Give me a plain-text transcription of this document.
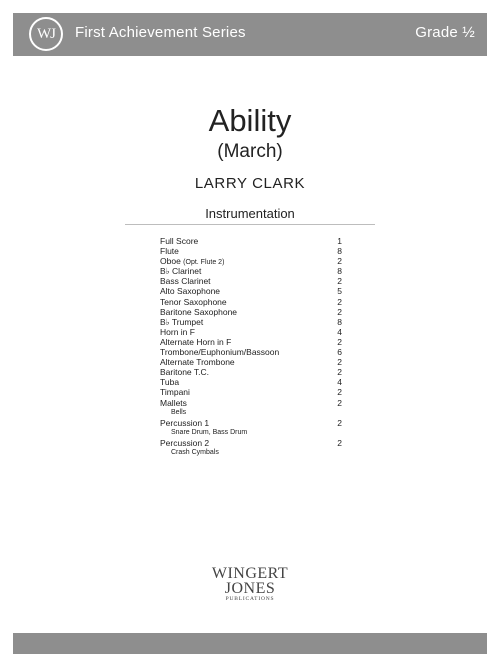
WJ	First Achievement Series	Grade ½
Ability
(March)
LARRY CLARK
Instrumentation
Full Score	1
Flute	8
Oboe (Opt. Flute 2)	2
B♭ Clarinet	8
Bass Clarinet	2
Alto Saxophone	5
Tenor Saxophone	2
Baritone Saxophone	2
B♭ Trumpet	8
Horn in F	4
Alternate Horn in F	2
Trombone/Euphonium/Bassoon	6
Alternate Trombone	2
Baritone T.C.	2
Tuba	4
Timpani	2
Mallets	2
Bells
Percussion 1	2
Snare Drum, Bass Drum
Percussion 2	2
Crash Cymbals
WINGERT
JONES
PUBLICATIONS
